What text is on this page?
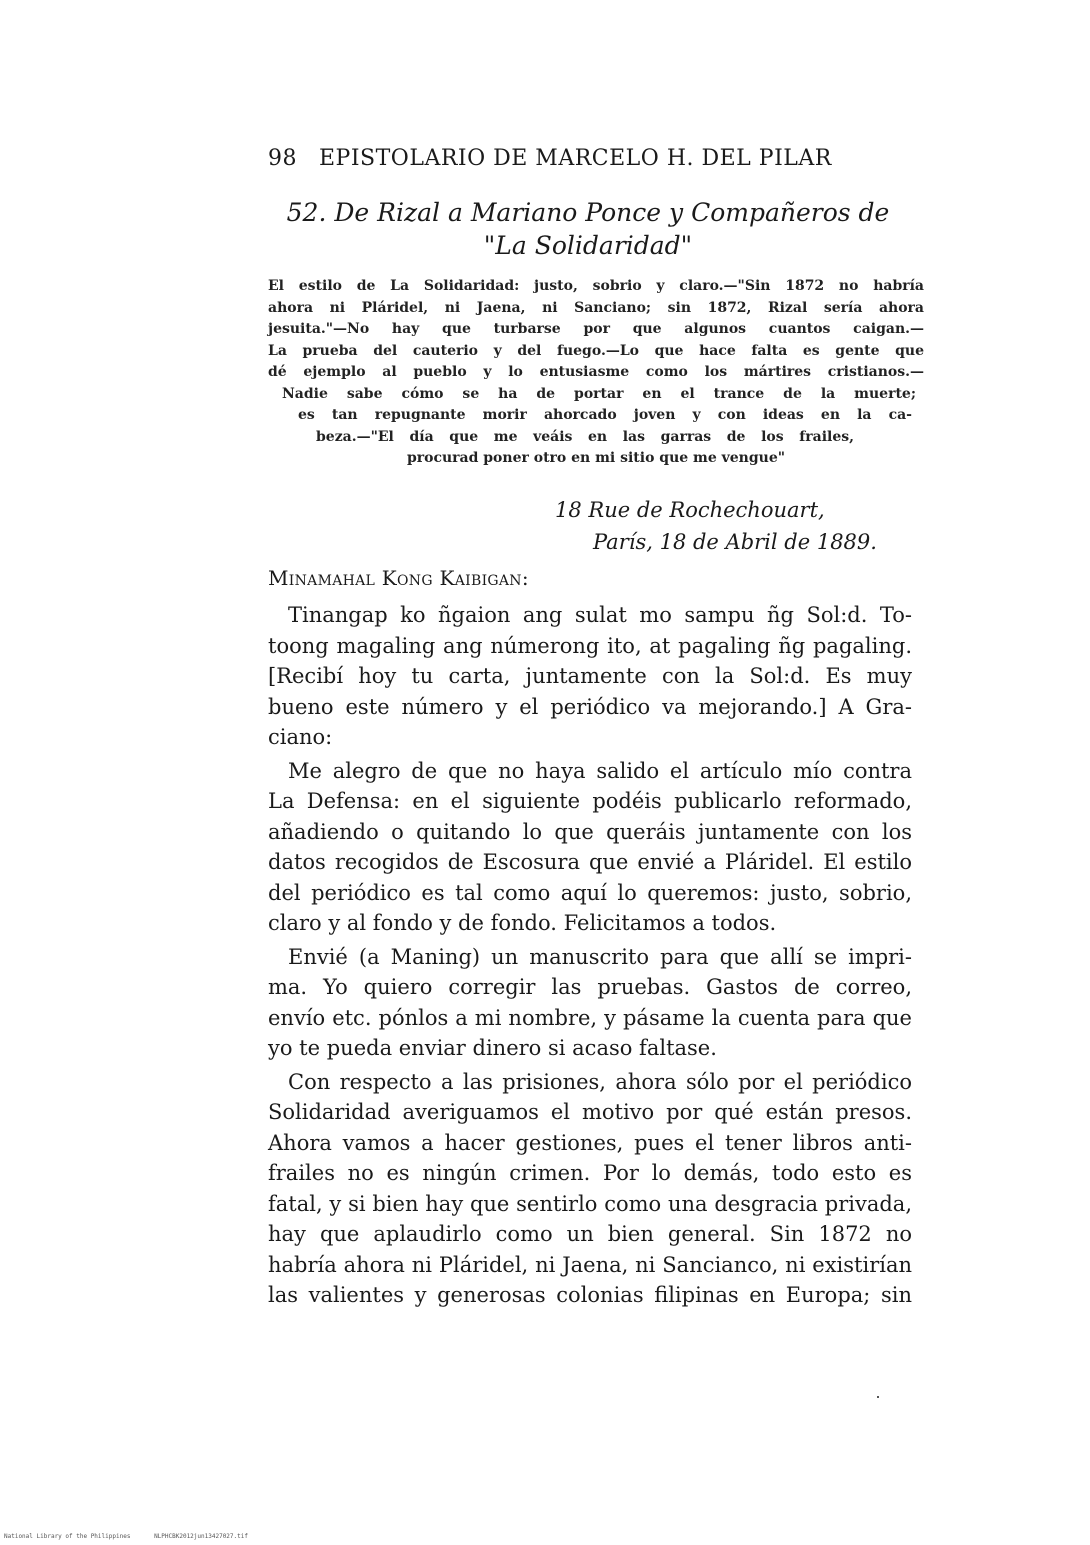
98 EPISTOLARIO DE MARCELO H. DEL PILAR
52. De Rizal a Mariano Ponce y Compañeros de
"La Solidaridad"
El estilo de La Solidaridad: justo, sobrio y claro.—"Sin 1872 no habría
ahora ni Pláridel, ni Jaena, ni Sanciano; sin 1872, Rizal sería ahora
jesuita."—No hay que turbarse por que algunos cuantos caigan.—
La prueba del cauterio y del fuego.—Lo que hace falta es gente que
dé ejemplo al pueblo y lo entusiasme como los mártires cristianos.—
Nadie sabe cómo se ha de portar en el trance de la muerte;
es tan repugnante morir ahorcado joven y con ideas en la ca-
beza.—"El día que me veáis en las garras de los frailes,
procurad poner otro en mi sitio que me vengue"
18 Rue de Rochechouart,
París, 18 de Abril de 1889.
Minamahal Kong Kaibigan:
Tinangap ko ñgaion ang sulat mo sampu ñg Sol:d. To-
toong magaling ang númerong ito, at pagaling ñg pagaling.
[Recibí hoy tu carta, juntamente con la Sol:d. Es muy
bueno este número y el periódico va mejorando.] A Gra-
ciano:
Me alegro de que no haya salido el artículo mío contra
La Defensa: en el siguiente podéis publicarlo reformado,
añadiendo o quitando lo que queráis juntamente con los
datos recogidos de Escosura que envié a Pláridel. El estilo
del periódico es tal como aquí lo queremos: justo, sobrio,
claro y al fondo y de fondo. Felicitamos a todos.
Envié (a Maning) un manuscrito para que allí se impri-
ma. Yo quiero corregir las pruebas. Gastos de correo,
envío etc. pónlos a mi nombre, y pásame la cuenta para que
yo te pueda enviar dinero si acaso faltase.
Con respecto a las prisiones, ahora sólo por el periódico
Solidaridad averiguamos el motivo por qué están presos.
Ahora vamos a hacer gestiones, pues el tener libros anti-
frailes no es ningún crimen. Por lo demás, todo esto es
fatal, y si bien hay que sentirlo como una desgracia privada,
hay que aplaudirlo como un bien general. Sin 1872 no
habría ahora ni Pláridel, ni Jaena, ni Sancianco, ni existirían
las valientes y generosas colonias filipinas en Europa; sin
National Library of the Philippines	NLPHCBK2012jun13427027.tif
